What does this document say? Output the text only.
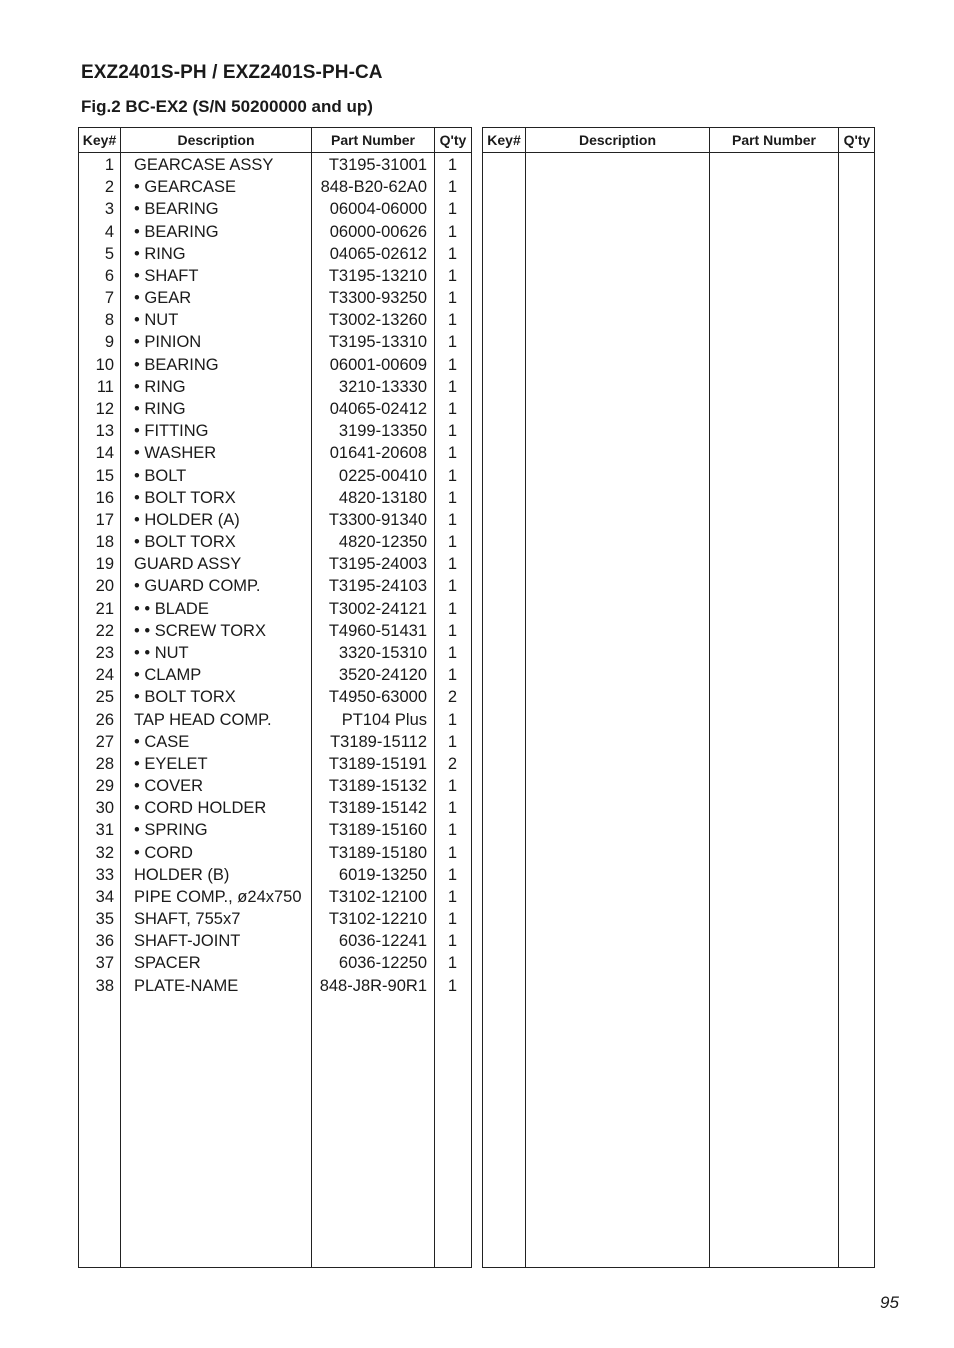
EXZ2401S-PH / EXZ2401S-PH-CA
Fig.2 BC-EX2 (S/N 50200000 and up)
Key#	Description	Part Number	Q'ty
1 GEARCASE ASSY	T3195-31001	1
2 • GEARCASE	848-B20-62A0	1
3 • BEARING	06004-06000	1
4 • BEARING	06000-00626	1
5 • RING	04065-02612	1
6 • SHAFT	T3195-13210	1
7 • GEAR	T3300-93250	1
8 • NUT	T3002-13260	1
9 • PINION	T3195-13310	1
10 • BEARING	06001-00609	1
11 • RING	3210-13330	1
12 • RING	04065-02412	1
13 • FITTING	3199-13350	1
14 • WASHER	01641-20608	1
15 • BOLT	0225-00410	1
16 • BOLT TORX	4820-13180	1
17 • HOLDER (A)	T3300-91340	1
18 • BOLT TORX	4820-12350	1
19 GUARD ASSY	T3195-24003	1
20 • GUARD COMP.	T3195-24103	1
21 • • BLADE	T3002-24121	1
22 • • SCREW TORX	T4960-51431	1
23 • • NUT	3320-15310	1
24 • CLAMP	3520-24120	1
25 • BOLT TORX	T4950-63000	2
26 TAP HEAD COMP.	PT104 Plus	1
27 • CASE	T3189-15112	1
28 • EYELET	T3189-15191	2
29 • COVER	T3189-15132	1
30 • CORD HOLDER	T3189-15142	1
31 • SPRING	T3189-15160	1
32 • CORD	T3189-15180	1
33 HOLDER (B)	6019-13250	1
34 PIPE COMP., ø24x750	T3102-12100	1
35 SHAFT, 755x7	T3102-12210	1
36 SHAFT-JOINT	6036-12241	1
37 SPACER	6036-12250	1
38 PLATE-NAME	848-J8R-90R1	1
Key#	Description	Part Number	Q'ty
95
